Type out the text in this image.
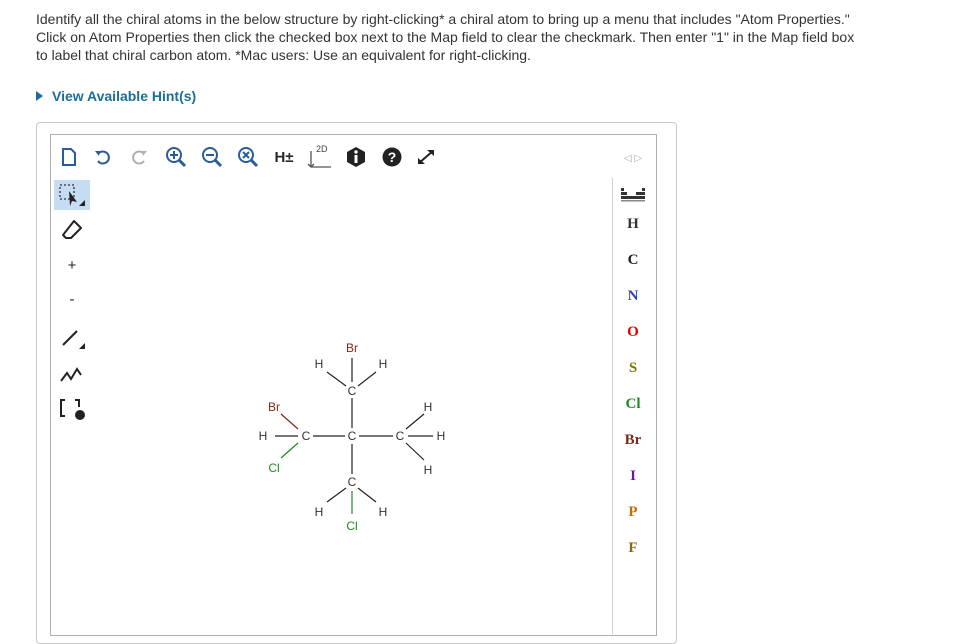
Identify all the chiral atoms in the below structure by right-clicking* a chiral atom to bring up a menu that includes "Atom Properties."

Click on Atom Properties then click the checked box next to the Map field to clear the checkmark. Then enter "1" in the Map field box

to label that chiral carbon atom. *Mac users: Use an equivalent for right-clicking.

View Available Hint(s)
H±	2D	?
+
-
◁ ▷
H
C
N
O
S
Cl
Br
I
P
F
Br
H	H
C
Br	H
H	C	C	C	H
Cl	H
C
H	H
Cl
